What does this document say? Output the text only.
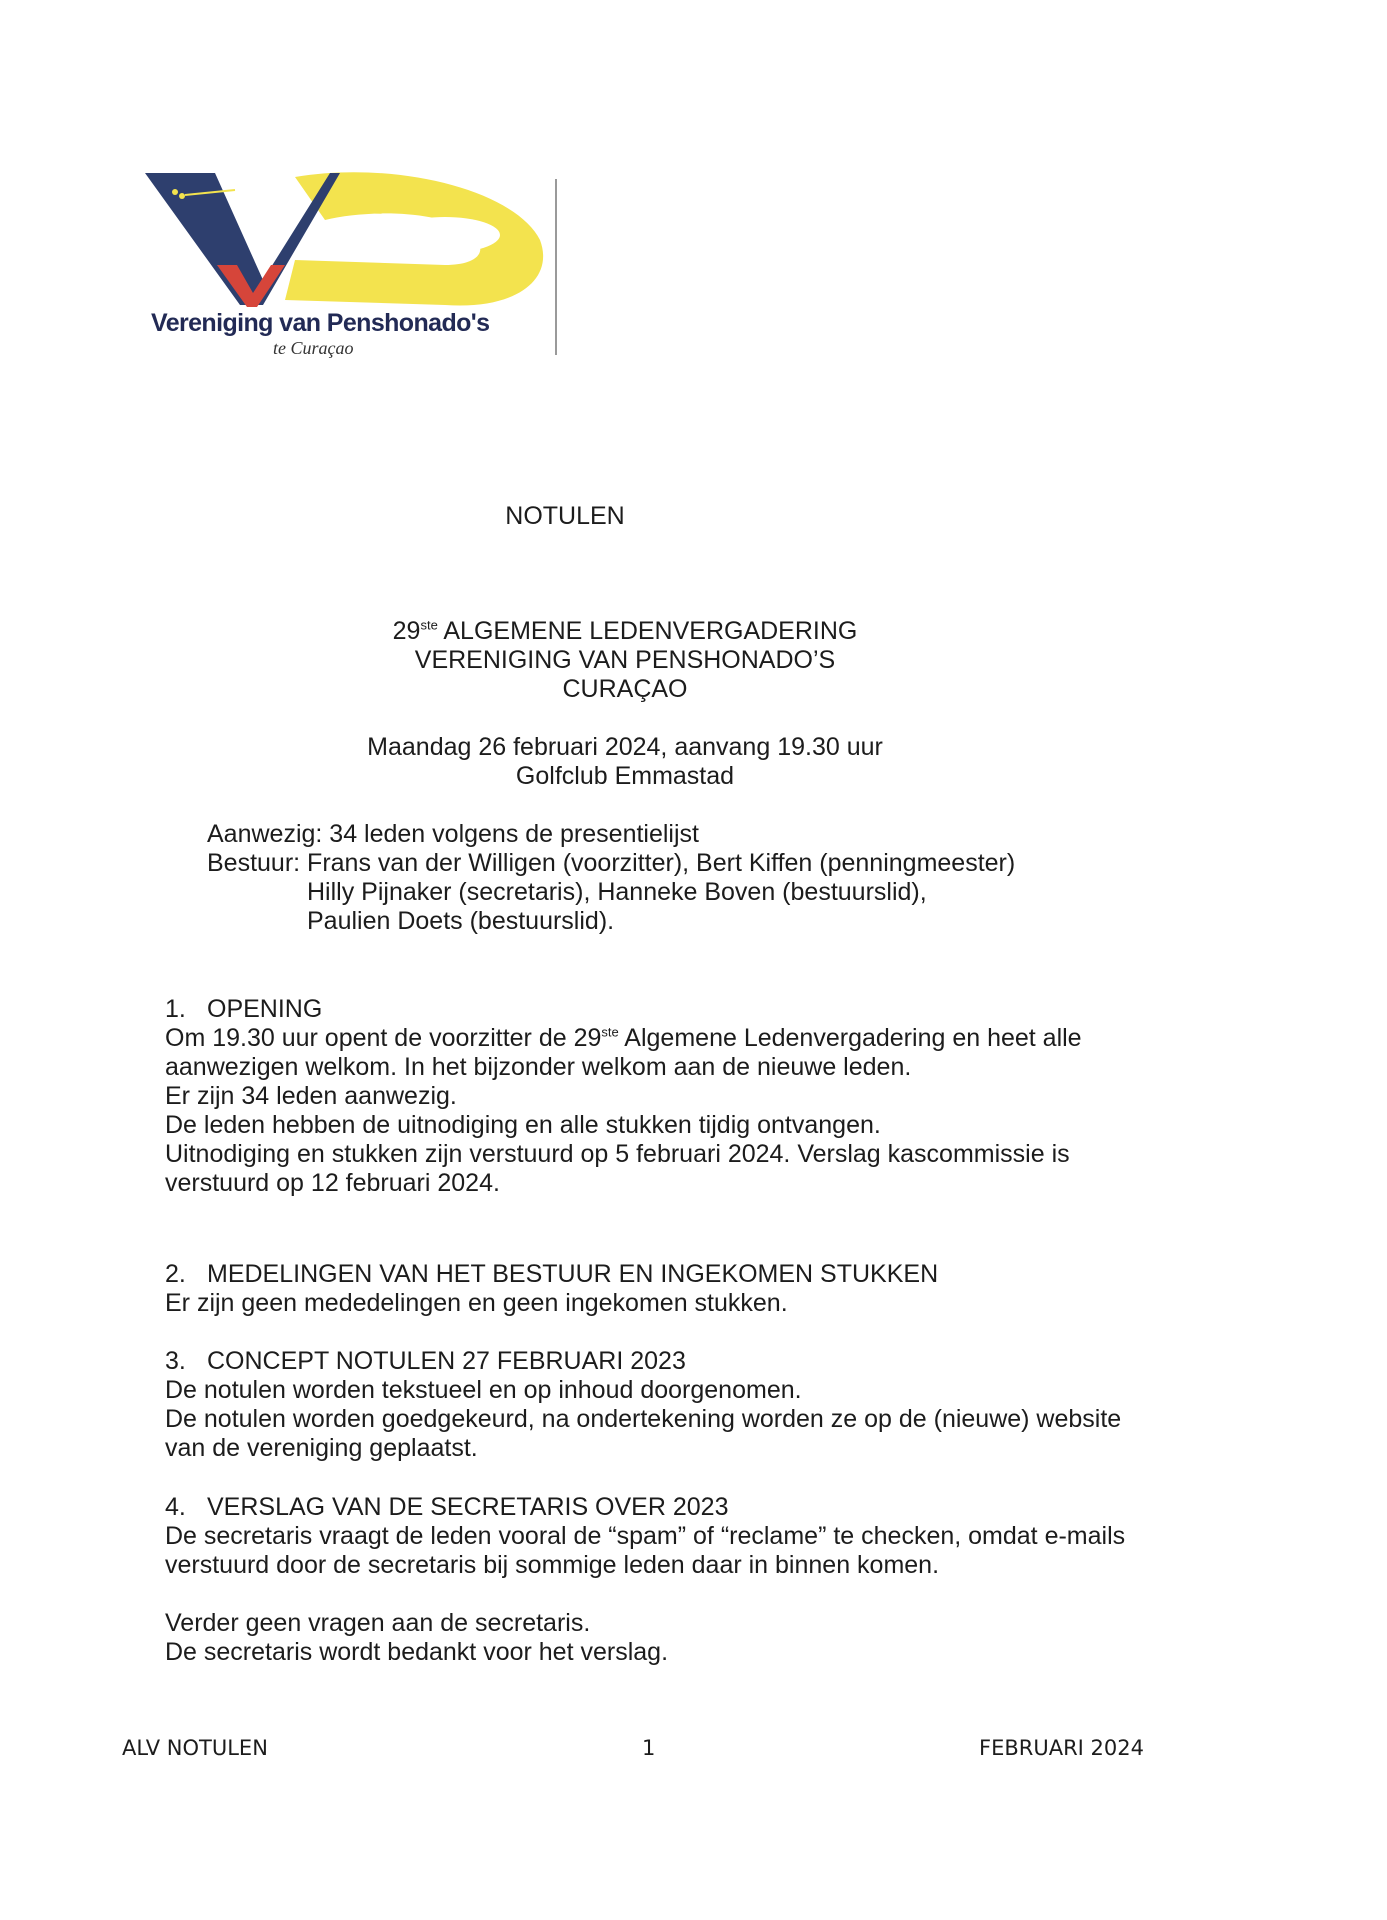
Vereniging van Penshonado's
te Curaçao
NOTULEN
29ste ALGEMENE LEDENVERGADERING
VERENIGING VAN PENSHONADO’S
CURAÇAO
Maandag 26 februari 2024, aanvang 19.30 uur
Golfclub Emmastad
Aanwezig: 34 leden volgens de presentielijst
Bestuur: Frans van der Willigen (voorzitter), Bert Kiffen (penningmeester)
Hilly Pijnaker (secretaris), Hanneke Boven (bestuurslid),
Paulien Doets (bestuurslid).
1. OPENING
Om 19.30 uur opent de voorzitter de 29ste Algemene Ledenvergadering en heet alle
aanwezigen welkom. In het bijzonder welkom aan de nieuwe leden.
Er zijn 34 leden aanwezig.
De leden hebben de uitnodiging en alle stukken tijdig ontvangen.
Uitnodiging en stukken zijn verstuurd op 5 februari 2024. Verslag kascommissie is
verstuurd op 12 februari 2024.
2. MEDELINGEN VAN HET BESTUUR EN INGEKOMEN STUKKEN
Er zijn geen mededelingen en geen ingekomen stukken.
3. CONCEPT NOTULEN 27 FEBRUARI 2023
De notulen worden tekstueel en op inhoud doorgenomen.
De notulen worden goedgekeurd, na ondertekening worden ze op de (nieuwe) website
van de vereniging geplaatst.
4. VERSLAG VAN DE SECRETARIS OVER 2023
De secretaris vraagt de leden vooral de “spam” of “reclame” te checken, omdat e-mails
verstuurd door de secretaris bij sommige leden daar in binnen komen.
Verder geen vragen aan de secretaris.
De secretaris wordt bedankt voor het verslag.
ALV NOTULEN	1	FEBRUARI 2024
